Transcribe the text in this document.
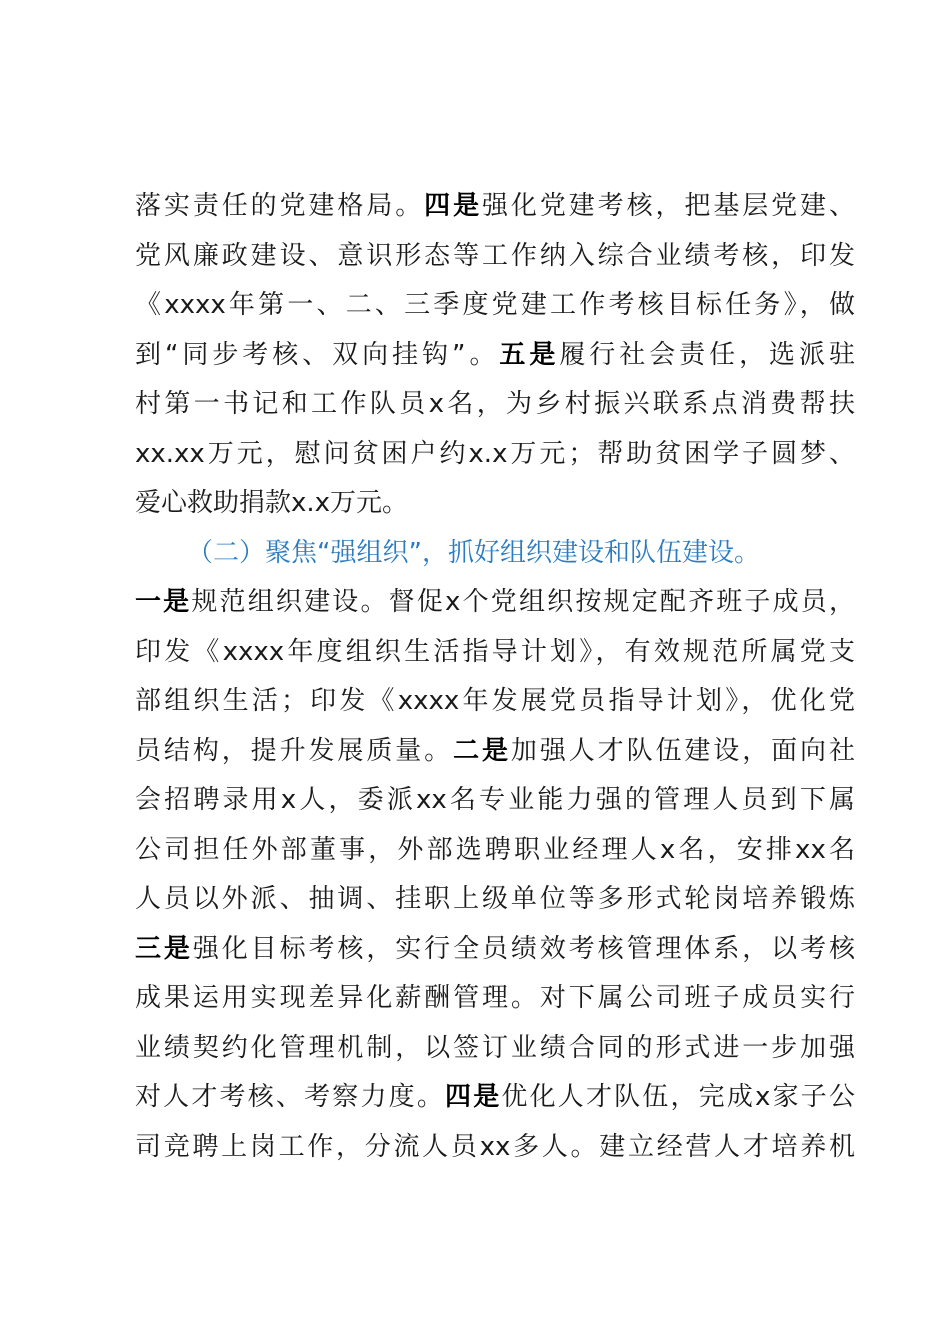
落实责任的党建格局。四是强化党建考核，把基层党建、
党风廉政建设、意识形态等工作纳入综合业绩考核，印发
《xxxx年第一、二、三季度党建工作考核目标任务》，做
到“同步考核、双向挂钩”。五是履行社会责任，选派驻
村第一书记和工作队员x名，为乡村振兴联系点消费帮扶
xx.xx万元，慰问贫困户约x.x万元；帮助贫困学子圆梦、
爱心救助捐款x.x万元。
（二）聚焦“强组织”，抓好组织建设和队伍建设。
一是规范组织建设。督促x个党组织按规定配齐班子成员，
印发《xxxx年度组织生活指导计划》，有效规范所属党支
部组织生活；印发《xxxx年发展党员指导计划》，优化党
员结构，提升发展质量。二是加强人才队伍建设，面向社
会招聘录用x人，委派xx名专业能力强的管理人员到下属
公司担任外部董事，外部选聘职业经理人x名，安排xx名
人员以外派、抽调、挂职上级单位等多形式轮岗培养锻炼
三是强化目标考核，实行全员绩效考核管理体系，以考核
成果运用实现差异化薪酬管理。对下属公司班子成员实行
业绩契约化管理机制，以签订业绩合同的形式进一步加强
对人才考核、考察力度。四是优化人才队伍，完成x家子公
司竞聘上岗工作，分流人员xx多人。建立经营人才培养机
